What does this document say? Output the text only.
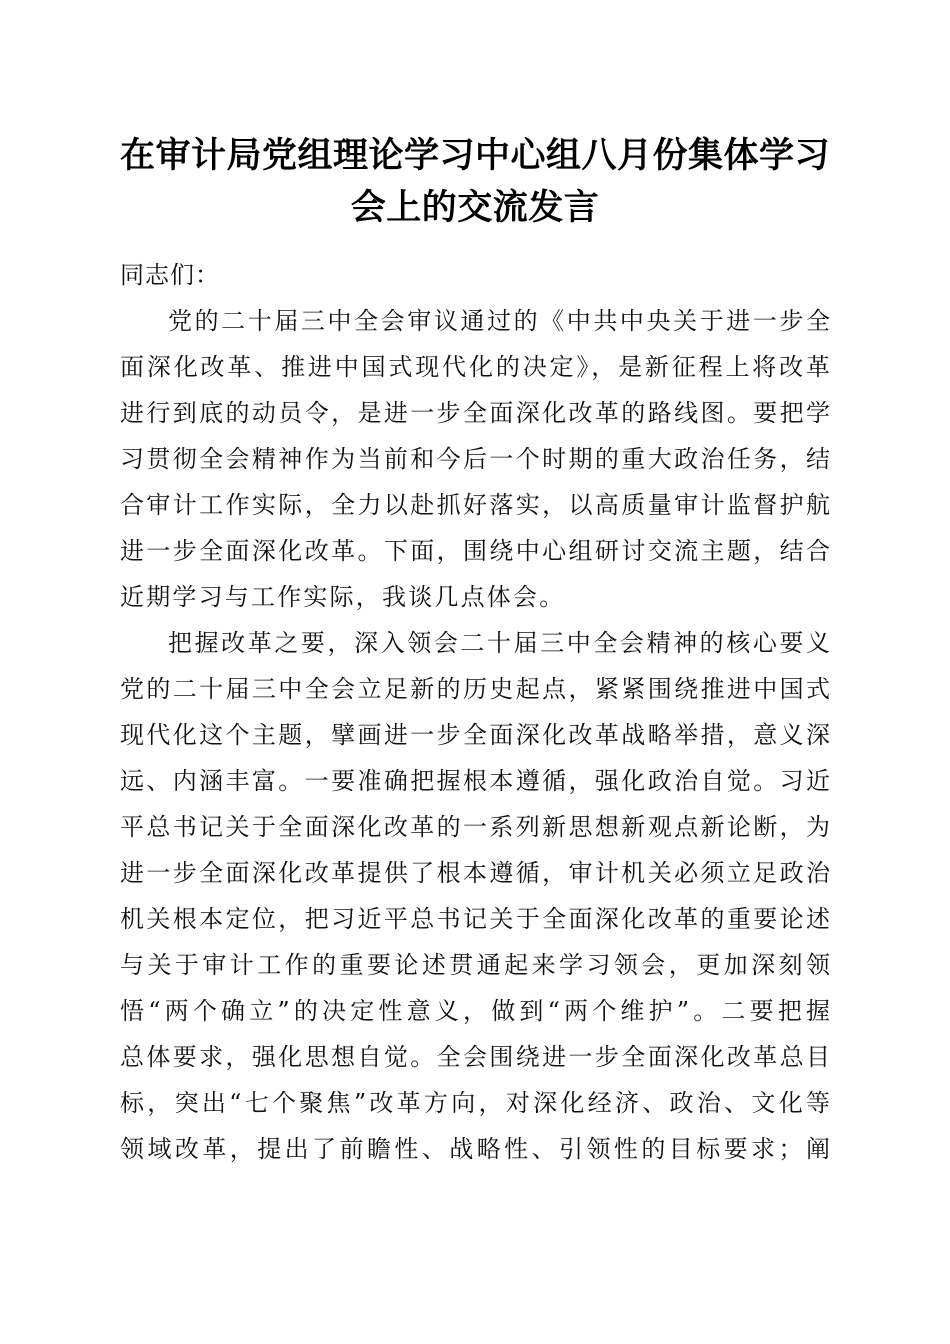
在审计局党组理论学习中心组八月份集体学习
会上的交流发言

同志们：

党的二十届三中全会审议通过的《中共中央关于进一步全
面深化改革、推进中国式现代化的决定》，是新征程上将改革
进行到底的动员令，是进一步全面深化改革的路线图。要把学
习贯彻全会精神作为当前和今后一个时期的重大政治任务，结
合审计工作实际，全力以赴抓好落实，以高质量审计监督护航
进一步全面深化改革。下面，围绕中心组研讨交流主题，结合
近期学习与工作实际，我谈几点体会。

把握改革之要，深入领会二十届三中全会精神的核心要义
党的二十届三中全会立足新的历史起点，紧紧围绕推进中国式
现代化这个主题，擘画进一步全面深化改革战略举措，意义深
远、内涵丰富。一要准确把握根本遵循，强化政治自觉。习近
平总书记关于全面深化改革的一系列新思想新观点新论断，为
进一步全面深化改革提供了根本遵循，审计机关必须立足政治
机关根本定位，把习近平总书记关于全面深化改革的重要论述
与关于审计工作的重要论述贯通起来学习领会，更加深刻领
悟“两个确立”的决定性意义，做到“两个维护”。二要把握
总体要求，强化思想自觉。全会围绕进一步全面深化改革总目
标，突出“七个聚焦”改革方向，对深化经济、政治、文化等
领域改革，提出了前瞻性、战略性、引领性的目标要求；阐
